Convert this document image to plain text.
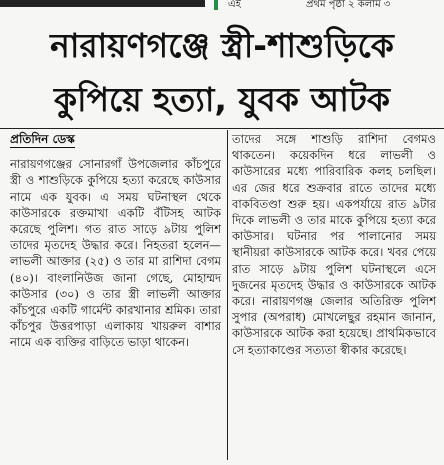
এই	প্রথম পৃষ্ঠা ২ কলাম ৩
নারায়ণগঞ্জে স্ত্রী-শাশুড়িকে
কুপিয়ে হত্যা, যুবক আটক
প্রতিদিন ডেস্ক

নারায়ণগঞ্জের সোনারগাঁ উপজেলার কাঁচপুরে স্ত্রী ও শাশুড়িকে কুপিয়ে হত্যা করেছে কাউসার নামে এক যুবক। এ সময় ঘটনাস্থল থেকে কাউসারকে রক্তমাখা একটি বঁটিসহ আটক করেছে পুলিশ। গত রাত সাড়ে ৯টায় পুলিশ তাদের মৃতদেহ উদ্ধার করে। নিহতরা হলেন— লাভলী আক্তার (২৫) ও তার মা রাশিদা বেগম (৪০)। বাংলানিউজ জানা গেছে, মোহাম্মদ কাউসার (৩০) ও তার স্ত্রী লাভলী আক্তার কাঁচপুরে একটি গার্মেন্ট কারখানার শ্রমিক। তারা কাঁচপুর উত্তরপাড়া এলাকায় খায়রুল বাশার নামে এক ব্যক্তির বাড়িতে ভাড়া থাকেন।

তাদের সঙ্গে শাশুড়ি রাশিদা বেগমও থাকতেন। কয়েকদিন ধরে লাভলী ও কাউসারের মধ্যে পারিবারিক কলহ চলছিল। এর জের ধরে শুক্রবার রাতে তাদের মধ্যে বাকবিতণ্ডা শুরু হয়। একপর্যায়ে রাত ৯টার দিকে লাভলী ও তার মাকে কুপিয়ে হত্যা করে কাউসার। ঘটনার পর পালানোর সময় স্থানীয়রা কাউসারকে আটক করে। খবর পেয়ে রাত সাড়ে ৯টায় পুলিশ ঘটনাস্থলে এসে দুজনের মৃতদেহ উদ্ধার ও কাউসারকে আটক করে। নারায়ণগঞ্জ জেলার অতিরিক্ত পুলিশ সুপার (অপরাধ) মোখলেছুর রহমান জানান, কাউসারকে আটক করা হয়েছে। প্রাথমিকভাবে সে হত্যাকাণ্ডের সত্যতা স্বীকার করেছে।
